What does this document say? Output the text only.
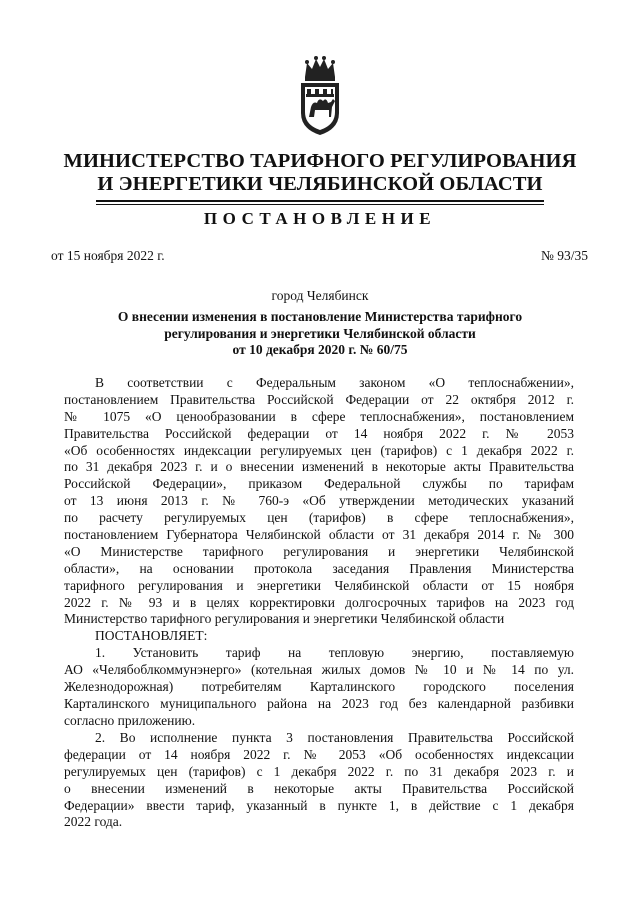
МИНИСТЕРСТВО ТАРИФНОГО РЕГУЛИРОВАНИЯ
И ЭНЕРГЕТИКИ ЧЕЛЯБИНСКОЙ ОБЛАСТИ
ПОСТАНОВЛЕНИЕ
от 15 ноября 2022 г.	№ 93/35
город Челябинск
О внесении изменения в постановление Министерства тарифного
регулирования и энергетики Челябинской области
от 10 декабря 2020 г. № 60/75
В соответствии с Федеральным законом «О теплоснабжении»,
постановлением Правительства Российской Федерации от 22 октября 2012 г.
№ 1075 «О ценообразовании в сфере теплоснабжения», постановлением
Правительства Российской федерации от 14 ноября 2022 г. № 2053
«Об особенностях индексации регулируемых цен (тарифов) с 1 декабря 2022 г.
по 31 декабря 2023 г. и о внесении изменений в некоторые акты Правительства
Российской Федерации», приказом Федеральной службы по тарифам
от 13 июня 2013 г. № 760-э «Об утверждении методических указаний
по расчету регулируемых цен (тарифов) в сфере теплоснабжения»,
постановлением Губернатора Челябинской области от 31 декабря 2014 г. № 300
«О Министерстве тарифного регулирования и энергетики Челябинской
области», на основании протокола заседания Правления Министерства
тарифного регулирования и энергетики Челябинской области от 15 ноября
2022 г. № 93 и в целях корректировки долгосрочных тарифов на 2023 год
Министерство тарифного регулирования и энергетики Челябинской области
ПОСТАНОВЛЯЕТ:
1. Установить тариф на тепловую энергию, поставляемую
АО «Челябоблкоммунэнерго» (котельная жилых домов № 10 и № 14 по ул.
Железнодорожная) потребителям Карталинского городского поселения
Карталинского муниципального района на 2023 год без календарной разбивки
согласно приложению.
2. Во исполнение пункта 3 постановления Правительства Российской
федерации от 14 ноября 2022 г. № 2053 «Об особенностях индексации
регулируемых цен (тарифов) с 1 декабря 2022 г. по 31 декабря 2023 г. и
о внесении изменений в некоторые акты Правительства Российской
Федерации» ввести тариф, указанный в пункте 1, в действие с 1 декабря
2022 года.
